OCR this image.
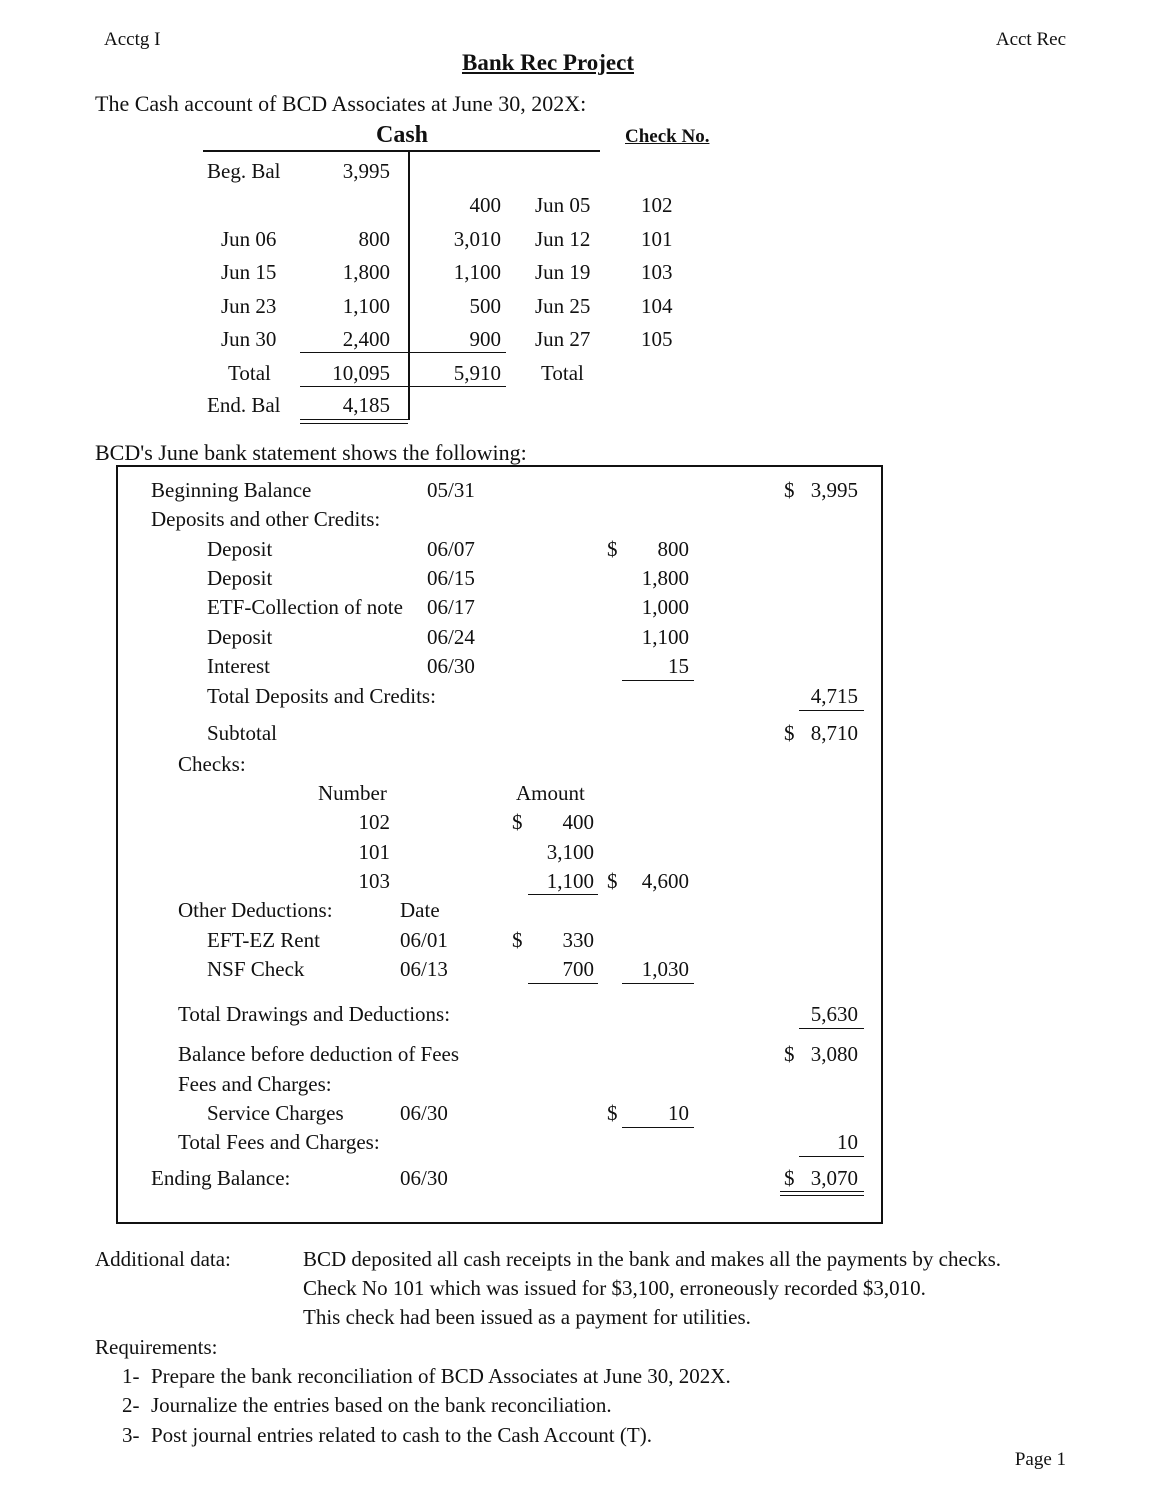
Acctg I	Acct Rec
Bank Rec Project
The Cash account of BCD Associates at June 30, 202X:
Cash	Check No.
Beg. Bal	3,995
400 Jun 05 102
Jun 06	800	3,010 Jun 12 101
Jun 15	1,800	1,100 Jun 19 103
Jun 23	1,100	500 Jun 25 104
Jun 30	2,400	900 Jun 27 105
Total	10,095	5,910 Total
End. Bal	4,185
BCD's June bank statement shows the following:
Beginning Balance	05/31	$ 3,995
Deposits and other Credits:
Deposit	06/07	$	800
Deposit	06/15	1,800
ETF-Collection of note 06/17	1,000
Deposit	06/24	1,100
Interest	06/30	15
Total Deposits and Credits:	4,715
Subtotal	$ 8,710
Checks:
Number	Amount
102	$	400
101	3,100
103	1,100 $	4,600
Other Deductions:	Date
EFT-EZ Rent	06/01	$	330
NSF Check	06/13	700	1,030
Total Drawings and Deductions:	5,630
Balance before deduction of Fees	$ 3,080
Fees and Charges:
Service Charges	06/30	$	10
Total Fees and Charges:	10
Ending Balance:	06/30	$ 3,070
Additional data:	BCD deposited all cash receipts in the bank and makes all the payments by checks.
Check No 101 which was issued for $3,100, erroneously recorded $3,010.
This check had been issued as a payment for utilities.
Requirements:
1- Prepare the bank reconciliation of BCD Associates at June 30, 202X.
2- Journalize the entries based on the bank reconciliation.
3- Post journal entries related to cash to the Cash Account (T).
Page 1
